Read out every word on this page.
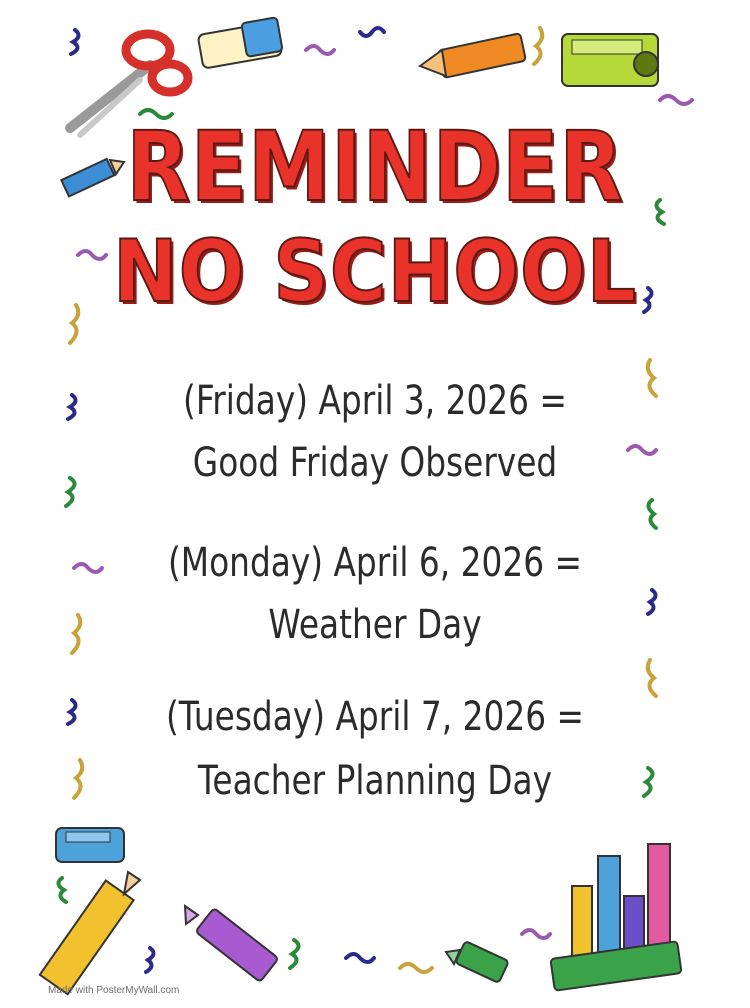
REMINDER
NO SCHOOL
(Friday) April 3, 2026 =
Good Friday Observed
(Monday) April 6, 2026 =
Weather Day
(Tuesday) April 7, 2026 =
Teacher Planning Day
Made with PosterMyWall.com
